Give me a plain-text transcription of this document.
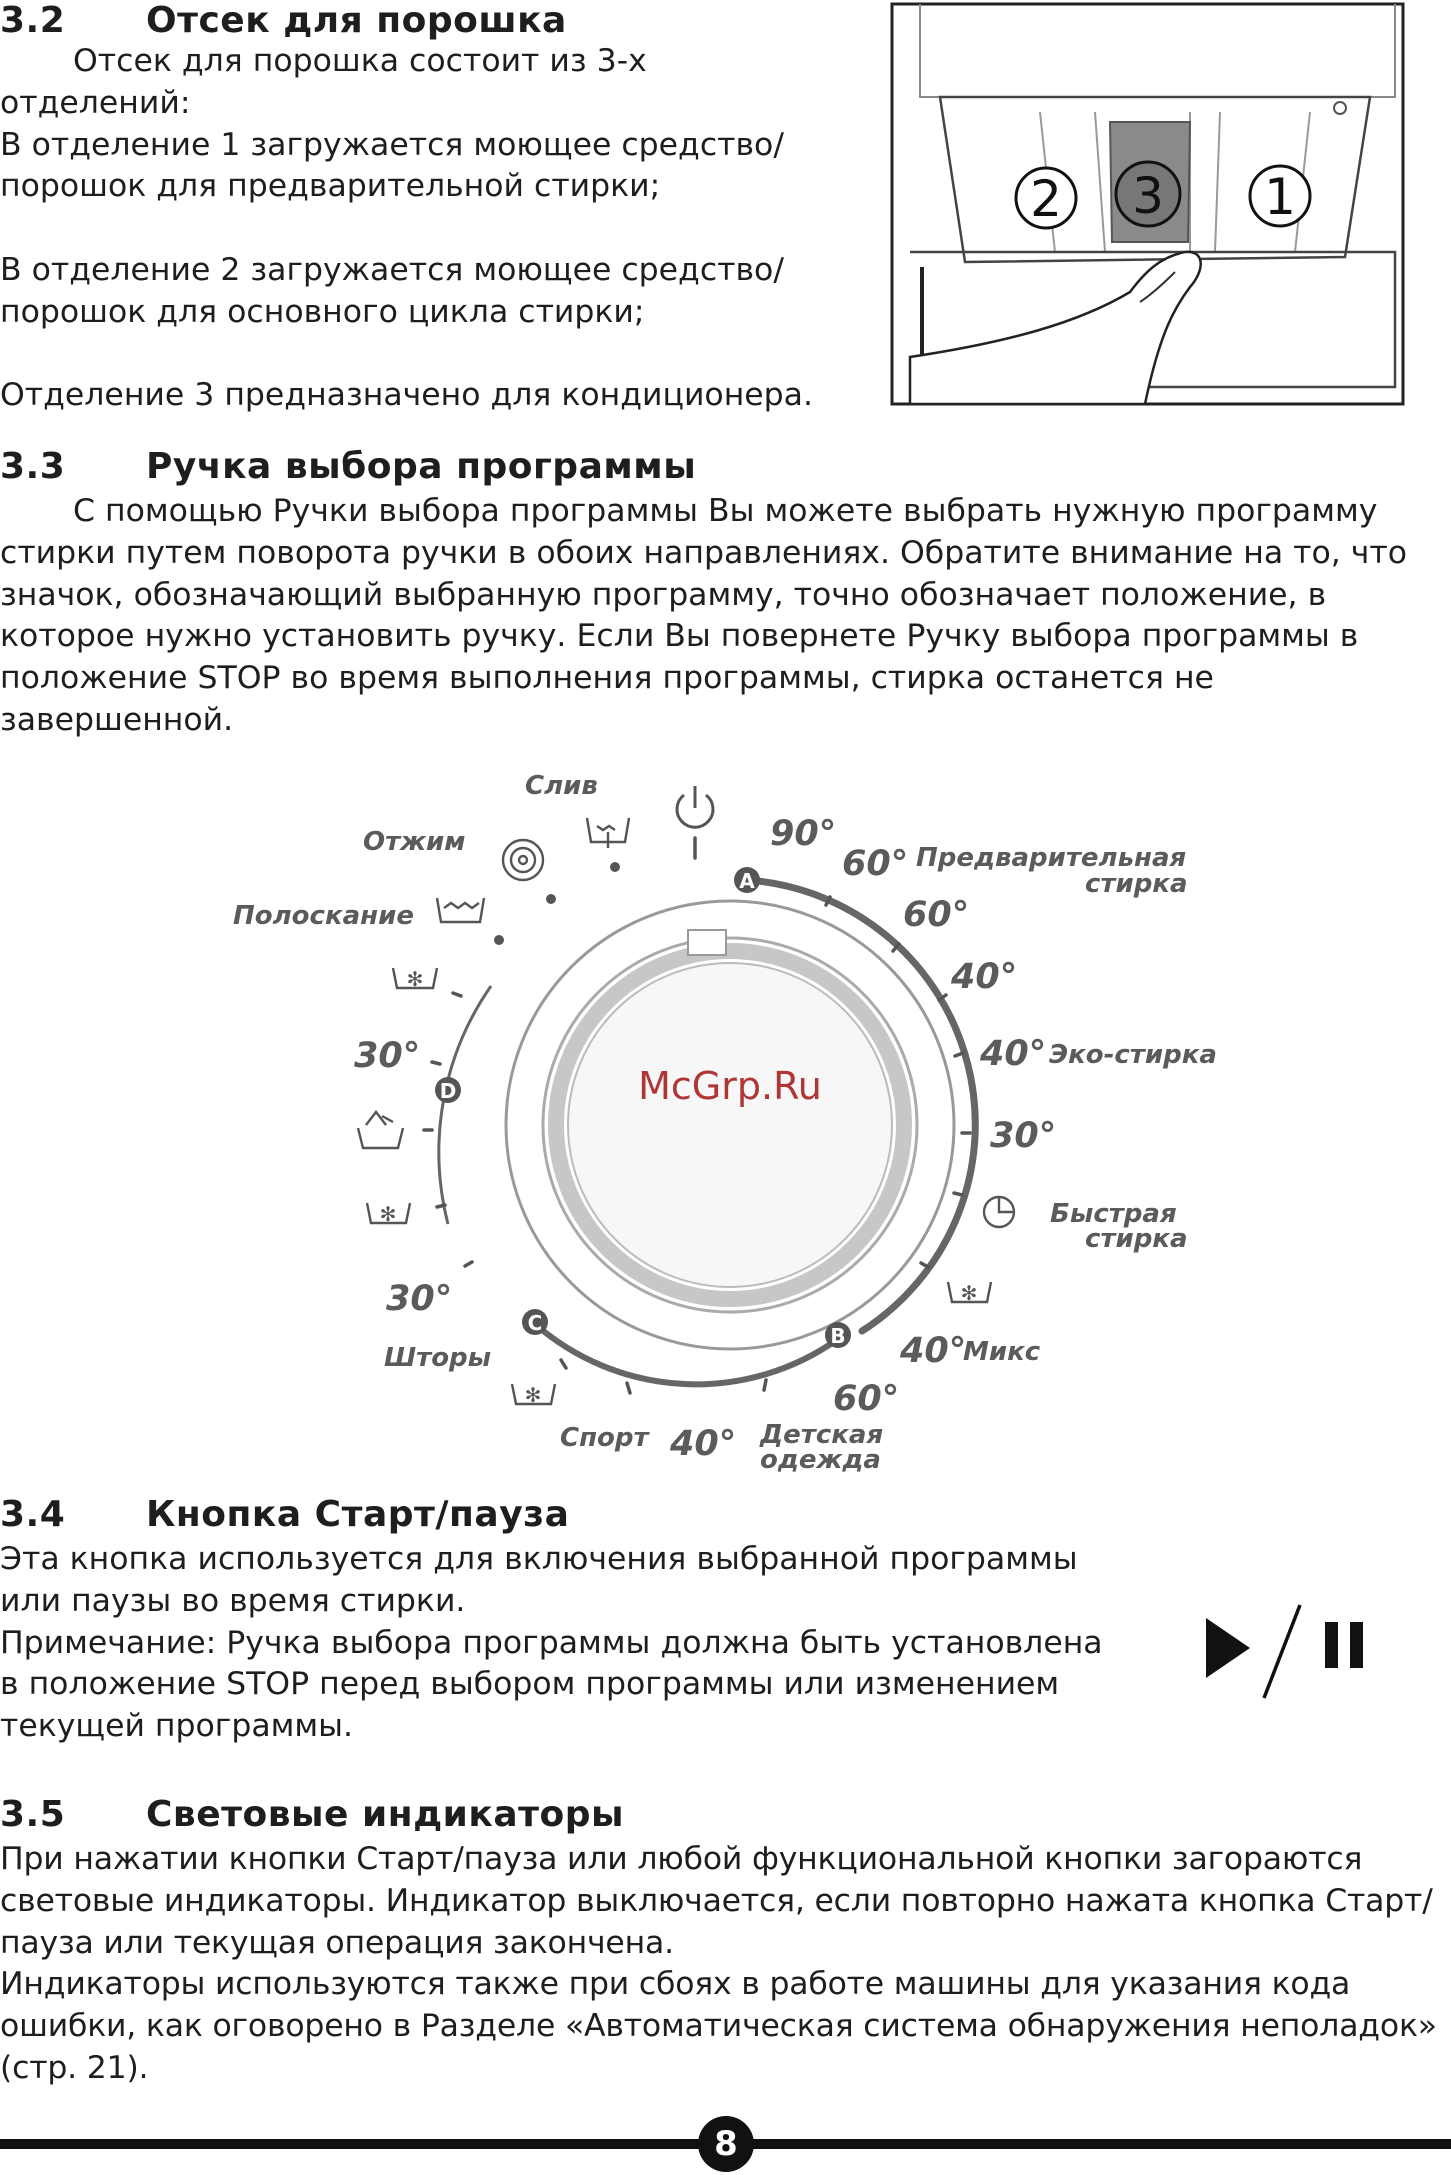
3.2 Отсек для порошка

Отсек для порошка состоит из 3-х отделений:

В отделение 1 загружается моющее средство/порошок для предварительной стирки;

В отделение 2 загружается моющее средство/порошок для основного цикла стирки;

Отделение 3 предназначено для кондиционера.

2 3 1
3.3 Ручка выбора программы

С помощью Ручки выбора программы Вы можете выбрать нужную программу стирки путем поворота ручки в обоих направлениях. Обратите внимание на то, что значок, обозначающий выбранную программу, точно обозначает положение, в которое нужно установить ручку. Если Вы повернете Ручку выбора программы в положение STOP во время выполнения программы, стирка останется не завершенной.

McGrp.Ru
A
B
C
D
✻
✻
✻
✻
Слив
Отжим
Полоскание
Предварительная
стирка
Эко-стирка
Быстрая
стирка
Микс
Детская
одежда
Спорт
Шторы
90°
60°
60°
40°
40°
30°
40°
60°
40°
30°
30°
3.4 Кнопка Старт/пауза

Эта кнопка используется для включения выбранной программы или паузы во время стирки.

Примечание: Ручка выбора программы должна быть установлена в положение STOP перед выбором программы или изменением текущей программы.

3.5 Световые индикаторы

При нажатии кнопки Старт/пауза или любой функциональной кнопки загораются световые индикаторы. Индикатор выключается, если повторно нажата кнопка Старт/пауза или текущая операция закончена.

Индикаторы используются также при сбоях в работе машины для указания кода ошибки, как оговорено в Разделе «Автоматическая система обнаружения неполадок» (стр. 21).

8
